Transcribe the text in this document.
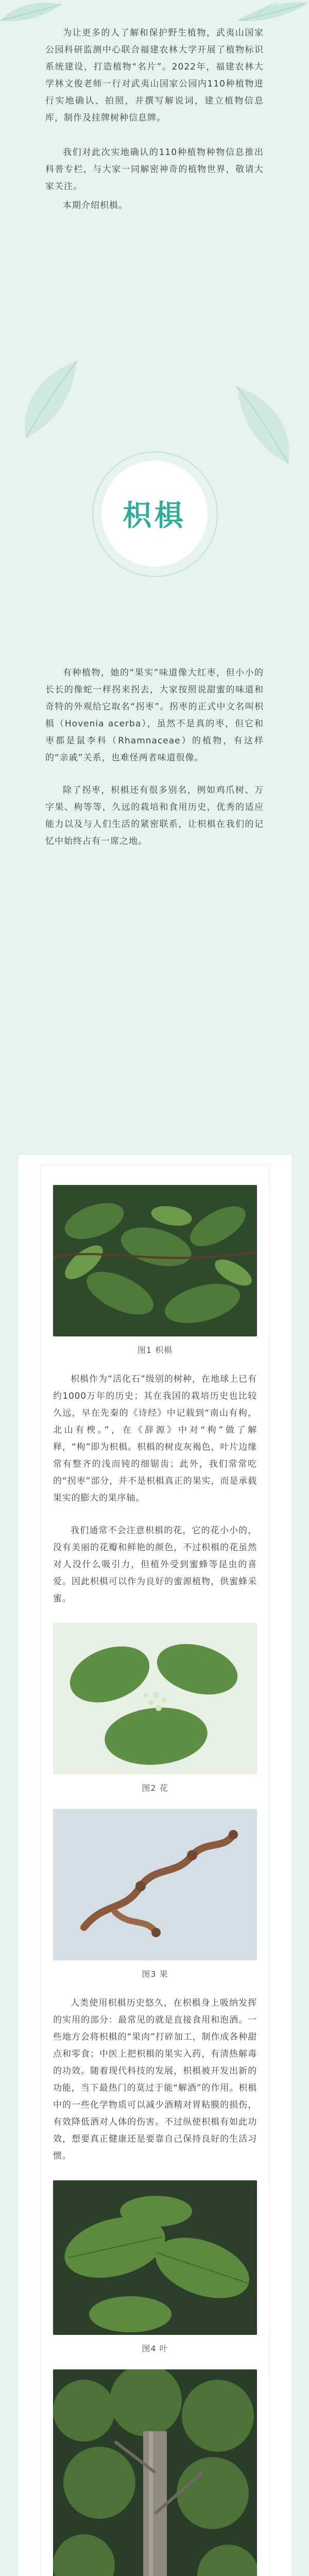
为让更多的人了解和保护野生植物，武夷山国家公园科研监测中心联合福建农林大学开展了植物标识系统建设，打造植物“名片”。2022年，福建农林大学林文俊老师一行对武夷山国家公园内110种植物进行实地确认、拍照，并撰写解说词，建立植物信息库，制作及挂牌树种信息牌。

我们对此次实地确认的110种植物种物信息推出科普专栏，与大家一同解密神奇的植物世界，敬请大家关注。

本期介绍枳椇。

枳椇

有种植物，她的“果实”味道像大红枣，但小小的长长的像蛇一样拐来拐去，大家按照说甜蜜的味道和奇特的外观给它取名“拐枣”。拐枣的正式中文名叫枳椇（Hovenia acerba），虽然不是真的枣，但它和枣都是鼠李科（Rhamnaceae）的植物，有这样的“亲戚”关系，也难怪两者味道很像。

除了拐枣，枳椇还有很多别名，例如鸡爪树、万字果、枸等等，久远的栽培和食用历史，优秀的适应能力以及与人们生活的紧密联系，让枳椇在我们的记忆中始终占有一席之地。

图1 枳椇

枳椇作为“活化石”级别的树种，在地球上已有约1000万年的历史；其在我国的栽培历史也比较久远，早在先秦的《诗经》中记载到“南山有枸，北山有楰。”，在《辞源》中对“枸”做了解释，“枸”即为枳椇。枳椇的树皮灰褐色，叶片边缘常有整齐的浅而钝的细锯齿；此外，我们常常吃的“拐枣”部分，并不是枳椇真正的果实，而是承载果实的膨大的果序轴。

我们通常不会注意枳椇的花，它的花小小的，没有美丽的花瓣和鲜艳的颜色，不过枳椇的花虽然对人没什么吸引力，但植外受到蜜蜂等昆虫的喜爱。因此枳椇可以作为良好的蜜源植物，供蜜蜂采蜜。

图2 花
图3 果

人类使用枳椇历史悠久，在枳椇身上吸纳发挥的实用的部分：最常见的就是直接食用和泡酒。一些地方会将枳椇的“果肉”打碎加工，制作成各种甜点和零食；中医上把枳椇的果实入药，有清热解毒的功效。随着现代科技的发展，枳椇被开发出新的功能，当下最热门的莫过于能“解酒”的作用。枳椇中的一些化学物质可以减少酒精对胃粘膜的损伤，有效降低酒对人体的伤害。不过纵使枳椇有如此功效，想要真正健康还是要靠自己保持良好的生活习惯。

图4 叶
